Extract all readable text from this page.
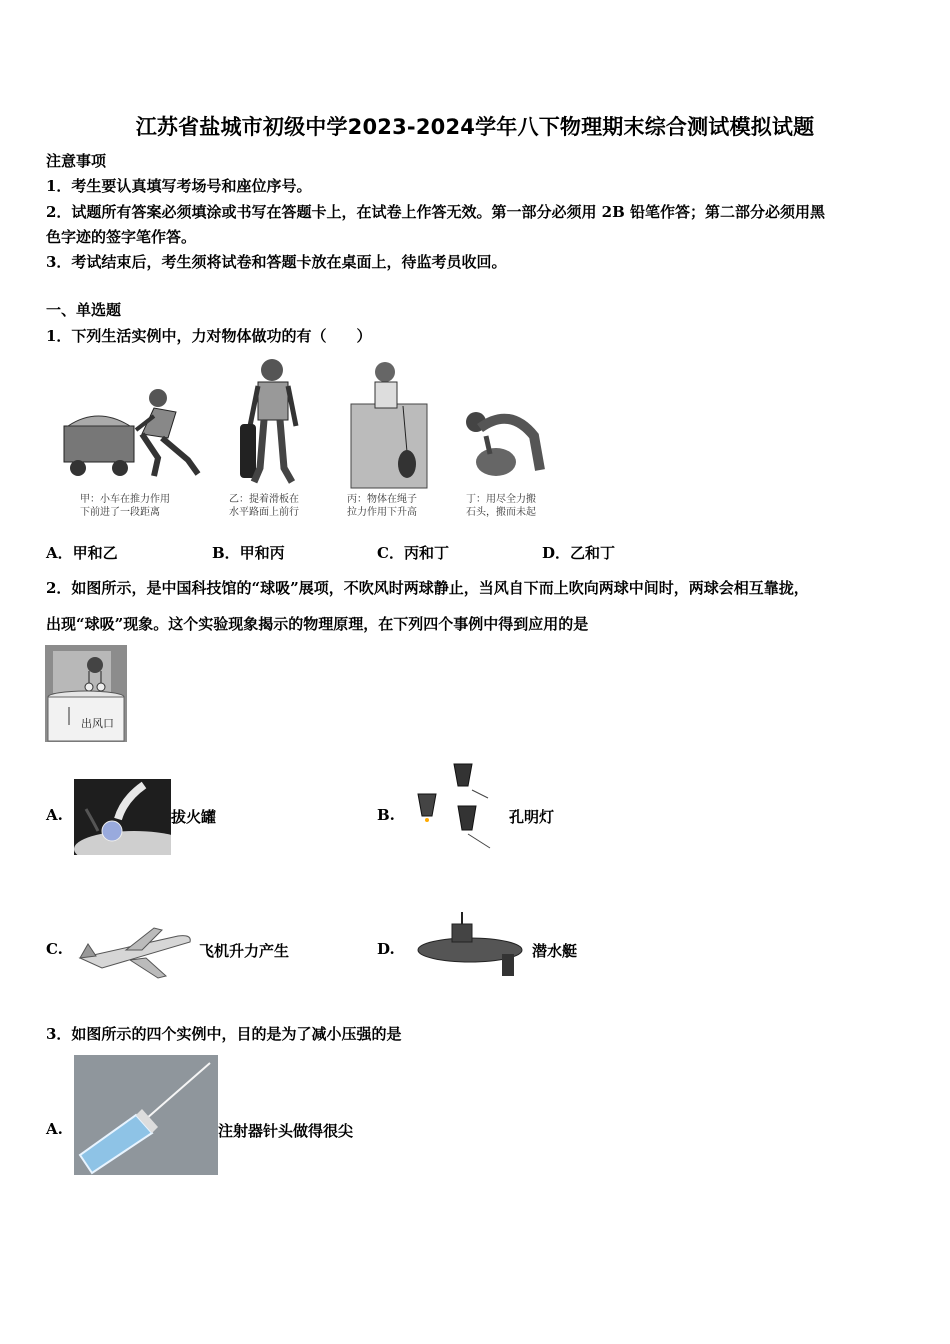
江苏省盐城市初级中学2023-2024学年八下物理期末综合测试模拟试题
注意事项
1．考生要认真填写考场号和座位序号。
2．试题所有答案必须填涂或书写在答题卡上，在试卷上作答无效。第一部分必须用 2B 铅笔作答；第二部分必须用黑
色字迹的签字笔作答。
3．考试结束后，考生须将试卷和答题卡放在桌面上，待监考员收回。
一、单选题
1．下列生活实例中，力对物体做功的有（　　）
甲：小车在推力作用
下前进了一段距离
乙：提着滑板在
水平路面上前行
丙：物体在绳子
拉力作用下升高
丁：用尽全力搬
石头，搬而未起
A．甲和乙	B．甲和丙	C．丙和丁	D．乙和丁
2．如图所示，是中国科技馆的“球吸”展项，不吹风时两球静止，当风自下而上吹向两球中间时，两球会相互靠拢，
出现“球吸”现象。这个实验现象揭示的物理原理，在下列四个事例中得到应用的是
出风口
A.	拔火罐	B.	孔明灯
C.	飞机升力产生	D.	潜水艇
3．如图所示的四个实例中，目的是为了减小压强的是
A.	注射器针头做得很尖
